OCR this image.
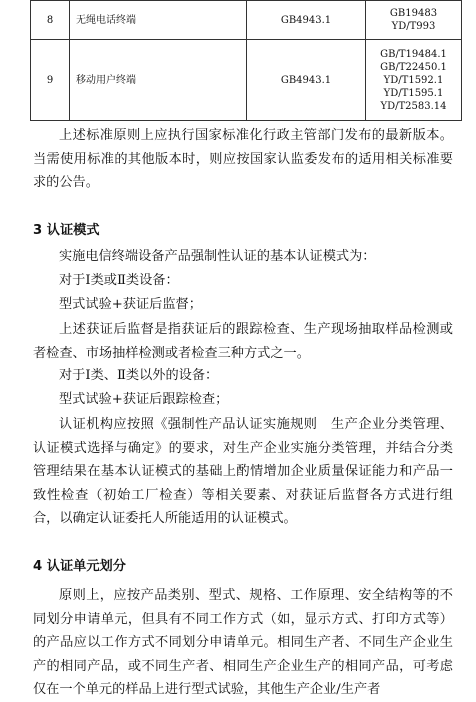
8	无绳电话终端	GB4943.1	GB19483
YD/T993

9	移动用户终端	GB4943.1	GB/T19484.1
GB/T22450.1
YD/T1592.1
YD/T1595.1
YD/T2583.14

上述标准原则上应执行国家标准化行政主管部门发布的最新版本。当需使用标准的其他版本时，则应按国家认监委发布的适用相关标准要求的公告。

3 认证模式

实施电信终端设备产品强制性认证的基本认证模式为：

对于Ⅰ类或Ⅱ类设备：

型式试验+获证后监督；

上述获证后监督是指获证后的跟踪检查、生产现场抽取样品检测或者检查、市场抽样检测或者检查三种方式之一。

对于Ⅰ类、Ⅱ类以外的设备：

型式试验+获证后跟踪检查；

认证机构应按照《强制性产品认证实施规则　生产企业分类管理、认证模式选择与确定》的要求，对生产企业实施分类管理，并结合分类管理结果在基本认证模式的基础上酌情增加企业质量保证能力和产品一致性检查（初始工厂检查）等相关要素、对获证后监督各方式进行组合，以确定认证委托人所能适用的认证模式。

4 认证单元划分

原则上，应按产品类别、型式、规格、工作原理、安全结构等的不同划分申请单元，但具有不同工作方式（如，显示方式、打印方式等）的产品应以工作方式不同划分申请单元。相同生产者、不同生产企业生产的相同产品，或不同生产者、相同生产企业生产的相同产品，可考虑仅在一个单元的样品上进行型式试验，其他生产企业/生产者
